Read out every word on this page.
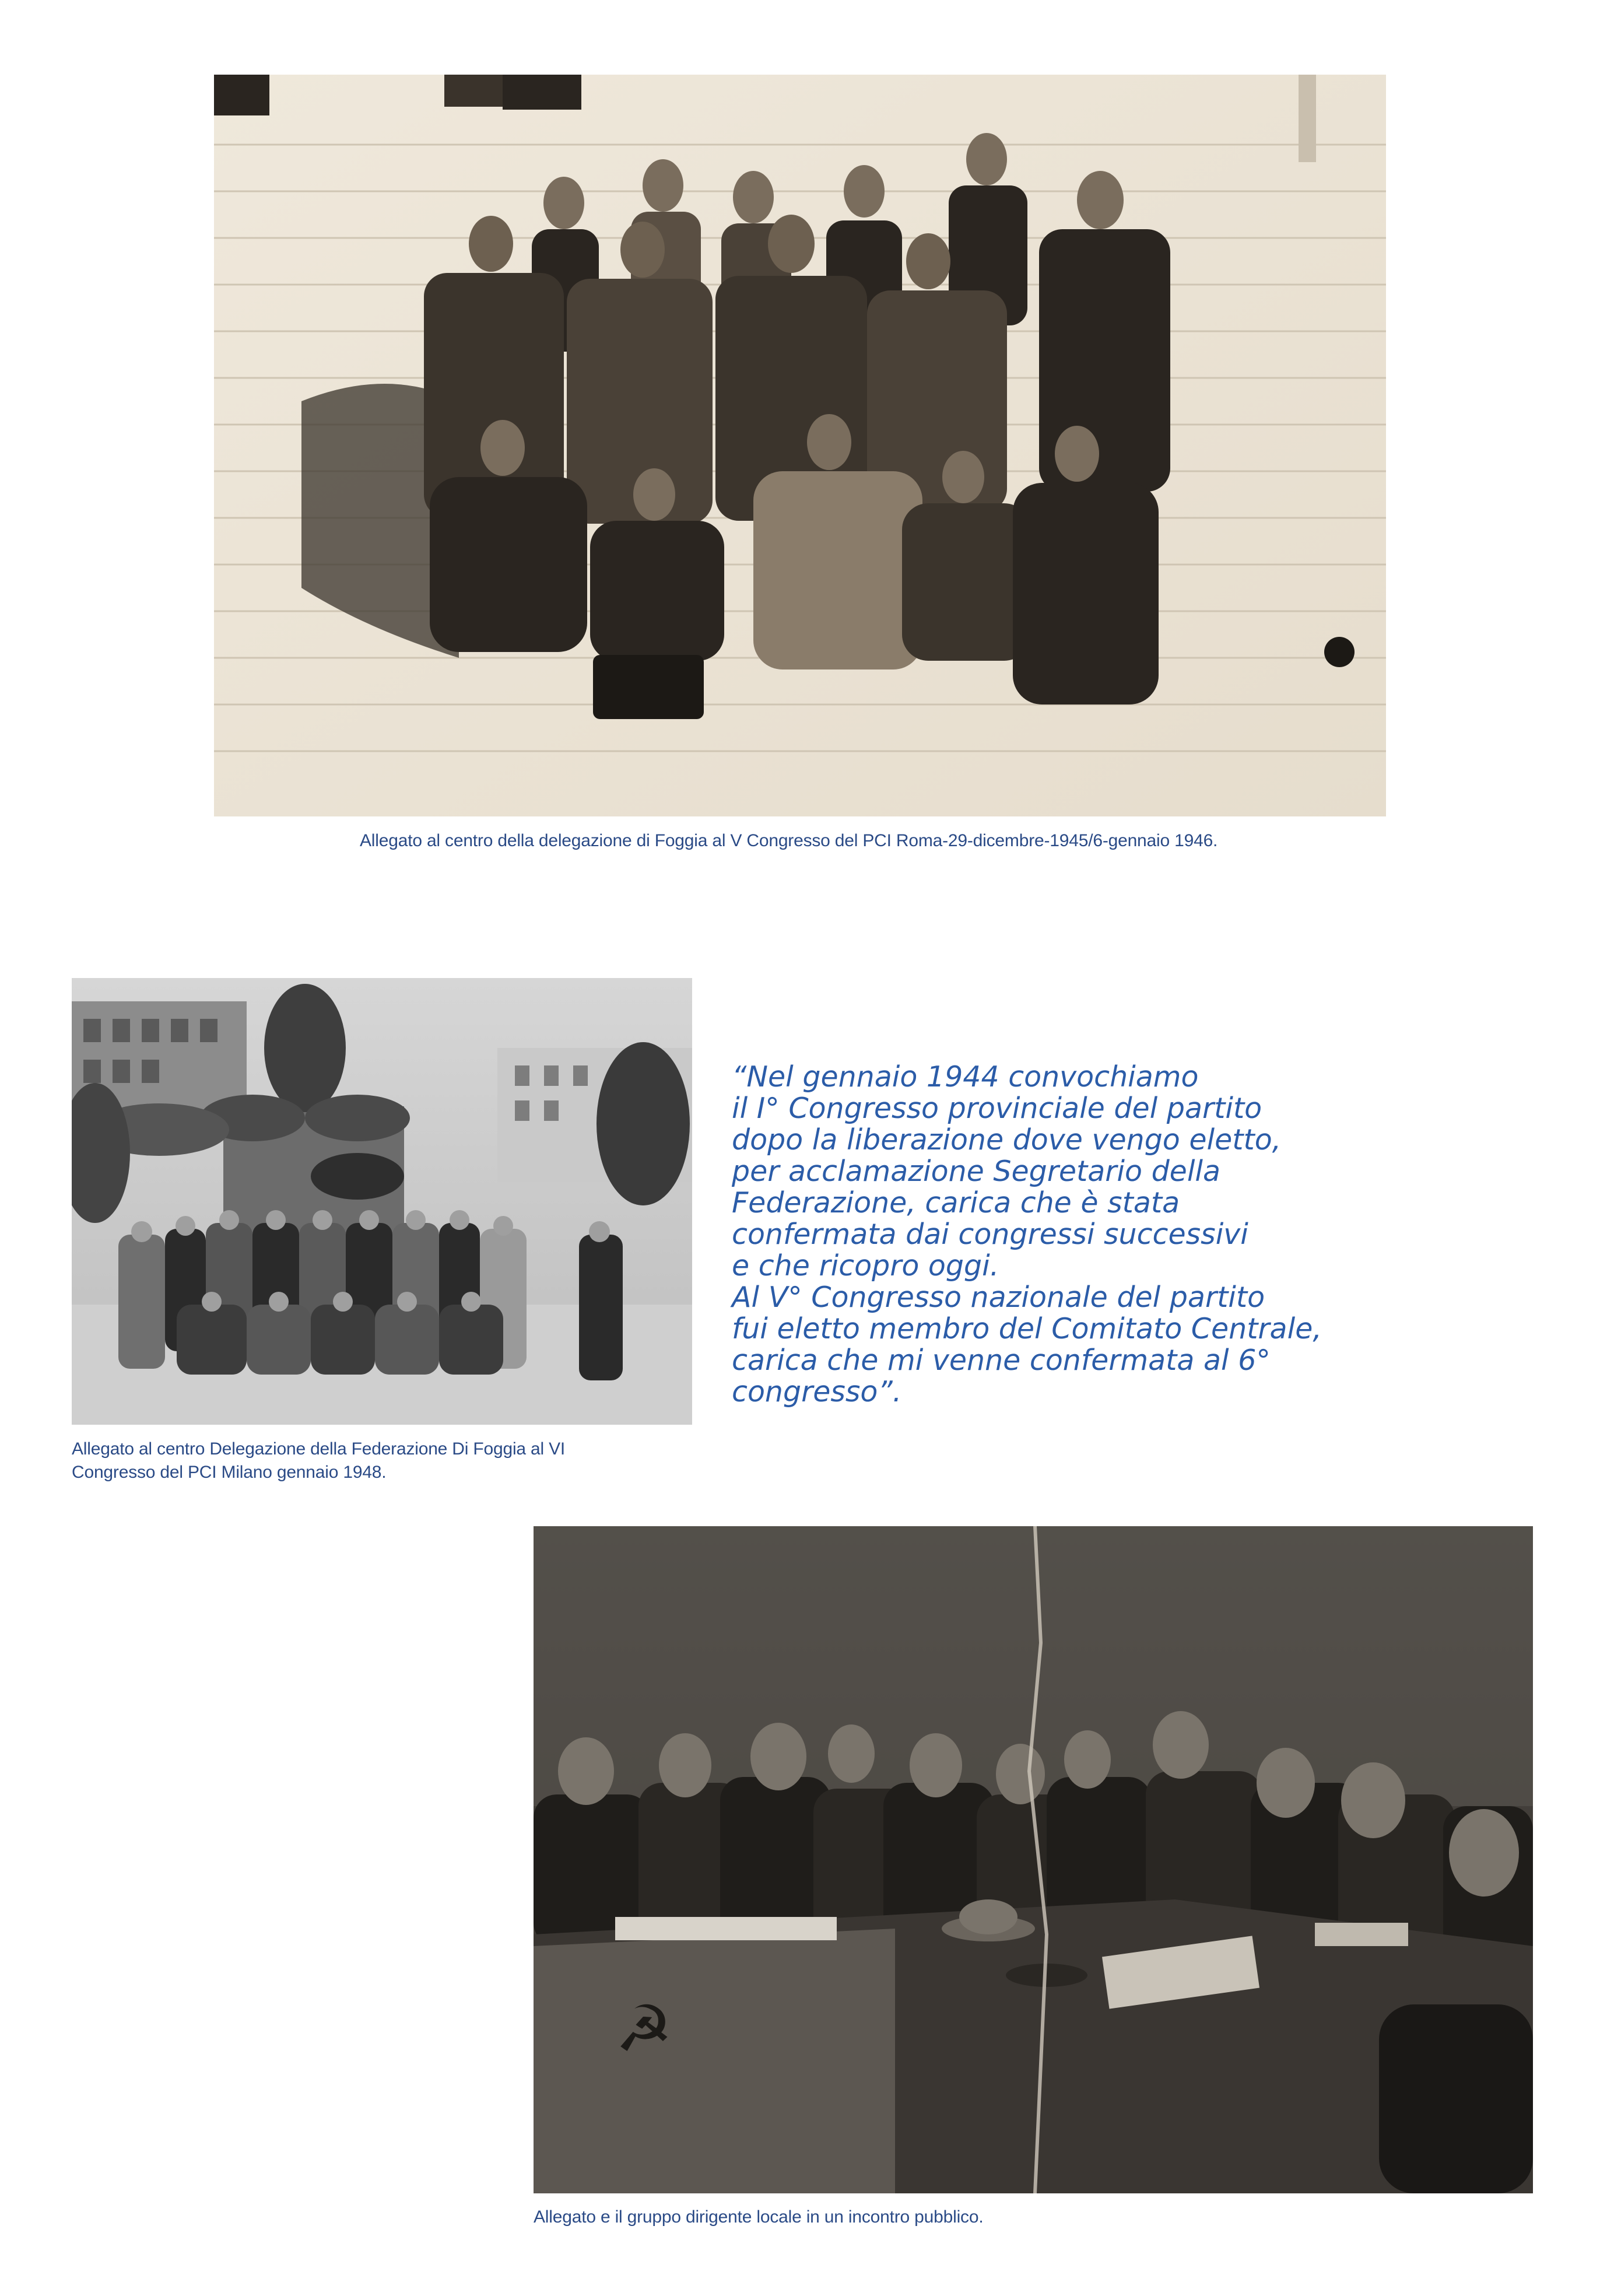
Allegato al centro della delegazione di Foggia al V Congresso del PCI Roma-29-dicembre-1945/6-gennaio 1946.
Allegato al centro Delegazione della Federazione Di Foggia al VI
Congresso del PCI Milano gennaio 1948.
“Nel gennaio 1944 convochiamo
il I° Congresso provinciale del partito
dopo la liberazione dove vengo eletto,
per acclamazione Segretario della
Federazione, carica che è stata
confermata dai congressi successivi
e che ricopro oggi.
Al V° Congresso nazionale del partito
fui eletto membro del Comitato Centrale,
carica che mi venne confermata al 6°
congresso”.
☭
Allegato e il gruppo dirigente locale in un incontro pubblico.
